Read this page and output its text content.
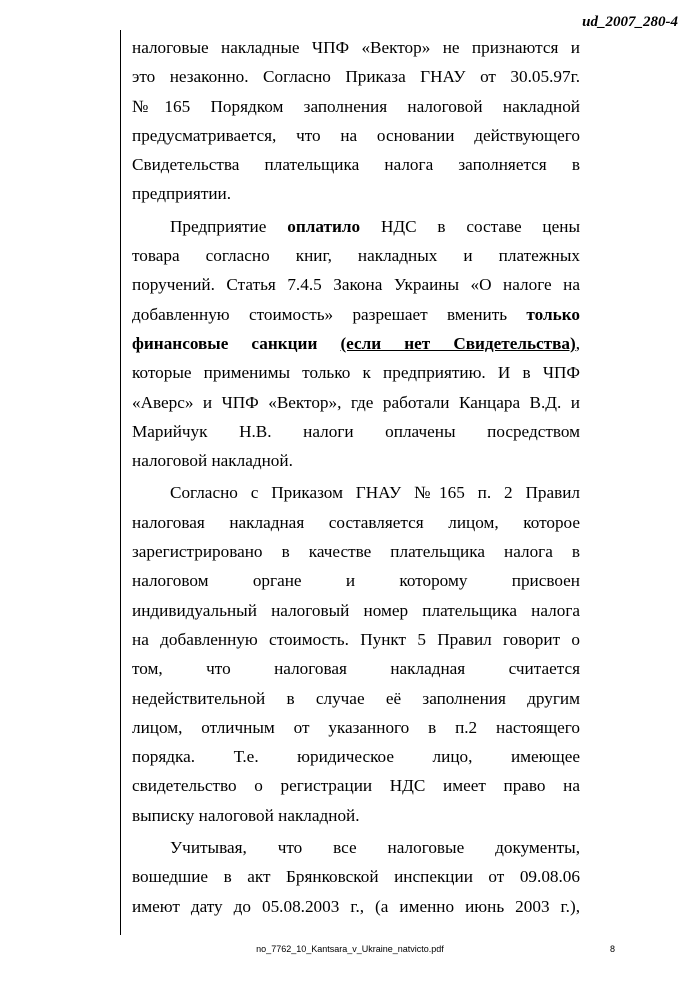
ud_2007_280-4
налоговые накладные ЧПФ «Вектор» не признаются и
это незаконно. Согласно Приказа ГНАУ от 30.05.97г.
№165 Порядком заполнения налоговой накладной
предусматривается, что на основании действующего
Свидетельства плательщика налога заполняется в
предприятии.
Предприятие оплатило НДС в составе цены
товара согласно книг, накладных и платежных
поручений. Статья 7.4.5 Закона Украины «О налоге на
добавленную стоимость» разрешает вменить только
финансовые санкции (если нет Свидетельства),
которые применимы только к предприятию. И в ЧПФ
«Аверс» и ЧПФ «Вектор», где работали Канцара В.Д. и
Марийчук Н.В. налоги оплачены посредством
налоговой накладной.
Согласно с Приказом ГНАУ №165 п. 2 Правил
налоговая накладная составляется лицом, которое
зарегистрировано в качестве плательщика налога в
налоговом органе и которому присвоен
индивидуальный налоговый номер плательщика налога
на добавленную стоимость. Пункт 5 Правил говорит о
том, что налоговая накладная считается
недействительной в случае её заполнения другим
лицом, отличным от указанного в п.2 настоящего
порядка. Т.е. юридическое лицо, имеющее
свидетельство о регистрации НДС имеет право на
выписку налоговой накладной.
Учитывая, что все налоговые документы,
вошедшие в акт Брянковской инспекции от 09.08.06
имеют дату до 05.08.2003 г., (а именно июнь 2003 г.),
no_7762_10_Kantsara_v_Ukraine_natvicto.pdf	8
